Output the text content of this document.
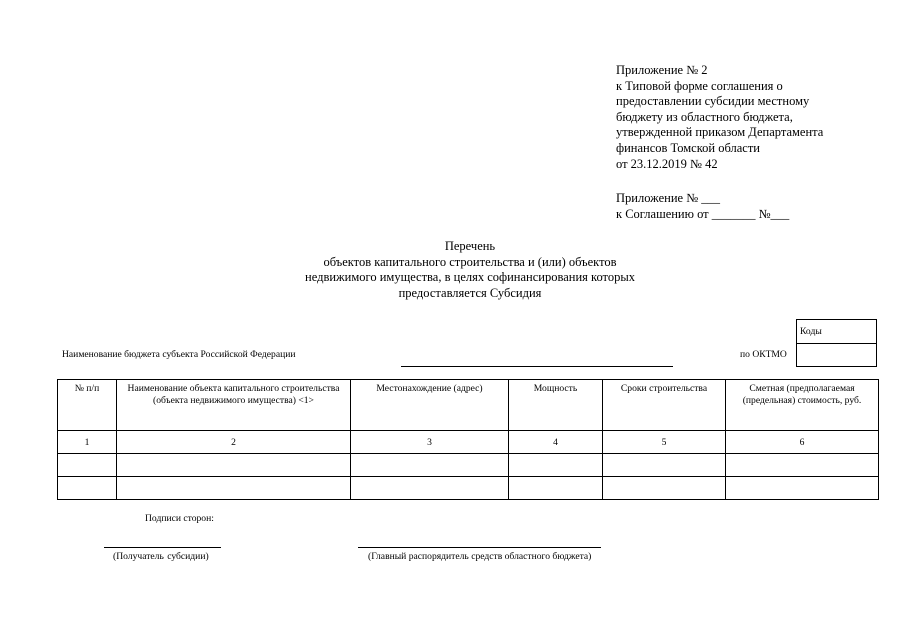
Приложение № 2
к Типовой форме соглашения о
предоставлении субсидии местному
бюджету из областного бюджета,
утвержденной приказом Департамента
финансов Томской области
от 23.12.2019 № 42
Приложение № ___
к Соглашению от _______ №___
Перечень
объектов капитального строительства и (или) объектов
недвижимого имущества, в целях софинансирования которых
предоставляется Субсидия
Коды
Наименование бюджета субъекта Российской Федерации	по ОКТМО
№ п/п	Наименование объекта капитального строительства (объекта недвижимого имущества) <1>	Местонахождение (адрес)	Мощность	Сроки строительства	Сметная (предполагаемая (предельная) стоимость, руб.
1	2	3	4	5	6

Подписи сторон:
(Получатель субсидии)	(Главный распорядитель средств областного бюджета)
